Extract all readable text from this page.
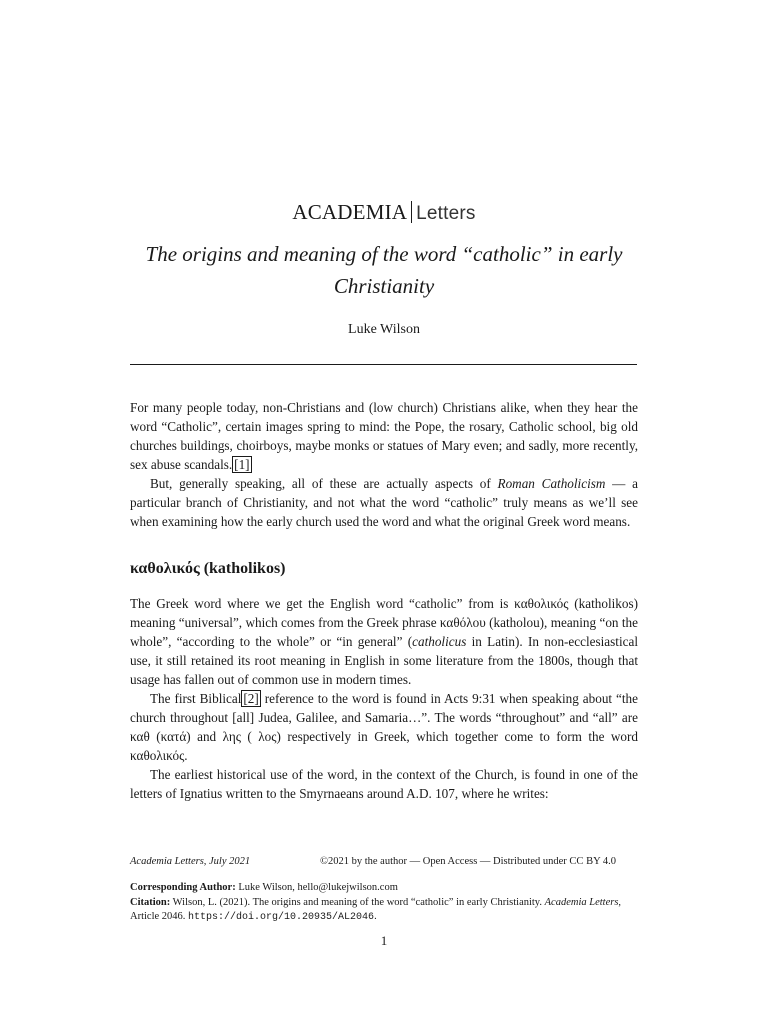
ACADEMIA Letters
The origins and meaning of the word “catholic” in early Christianity
Luke Wilson

For many people today, non-Christians and (low church) Christians alike, when they hear the word “Catholic”, certain images spring to mind: the Pope, the rosary, Catholic school, big old churches buildings, choirboys, maybe monks or statues of Mary even; and sadly, more recently, sex abuse scandals. [1]

But, generally speaking, all of these are actually aspects of Roman Catholicism — a particular branch of Christianity, and not what the word “catholic” truly means as we’ll see when examining how the early church used the word and what the original Greek word means.

καθολικός (katholikos)

The Greek word where we get the English word “catholic” from is καθολικός (katholikos) meaning “universal”, which comes from the Greek phrase καθόλου (katholou), meaning “on the whole”, “according to the whole” or “in general” (catholicus in Latin). In non-ecclesiastical use, it still retained its root meaning in English in some literature from the 1800s, though that usage has fallen out of common use in modern times.

The first Biblical [2] reference to the word is found in Acts 9:31 when speaking about “the church throughout [all] Judea, Galilee, and Samaria…”. The words “throughout” and “all” are καθ (κατά) and λης ( λος) respectively in Greek, which together come to form the word καθολικός.

The earliest historical use of the word, in the context of the Church, is found in one of the letters of Ignatius written to the Smyrnaeans around A.D. 107, where he writes:

Academia Letters, July 2021	©2021 by the author — Open Access — Distributed under CC BY 4.0

Corresponding Author: Luke Wilson, hello@lukejwilson.com

Citation: Wilson, L. (2021). The origins and meaning of the word “catholic” in early Christianity. Academia Letters, Article 2046. https://doi.org/10.20935/AL2046.

1
